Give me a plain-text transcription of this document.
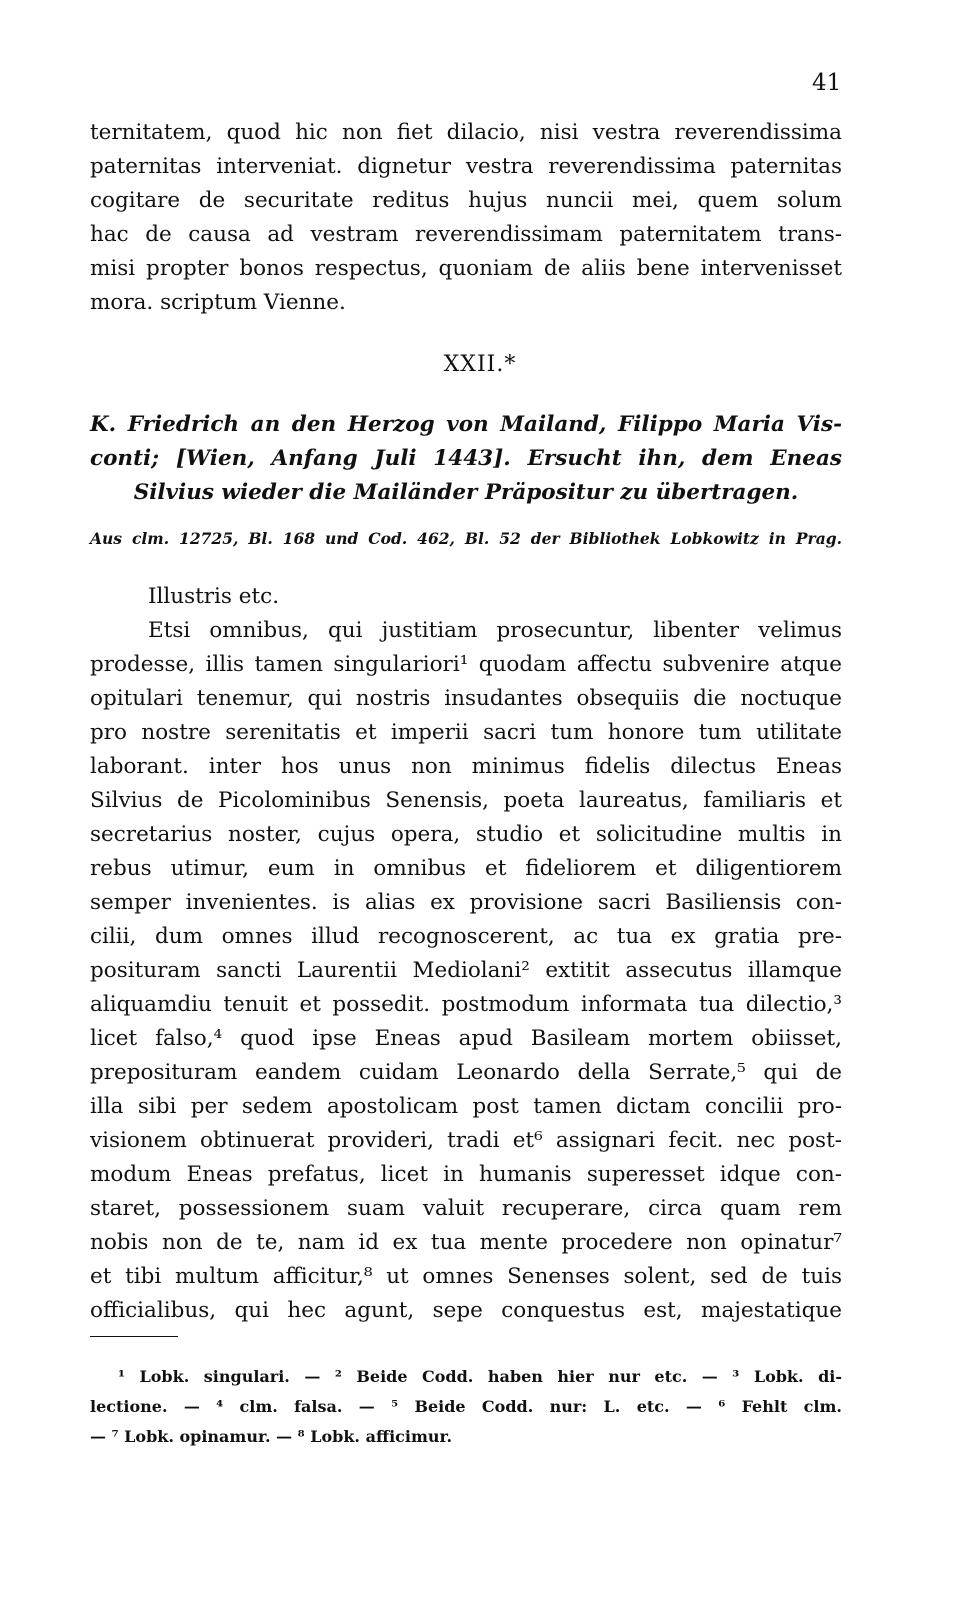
41
ternitatem, quod hic non fiet dilacio, nisi vestra reverendissima
paternitas interveniat. dignetur vestra reverendissima paternitas
cogitare de securitate reditus hujus nuncii mei, quem solum
hac de causa ad vestram reverendissimam paternitatem trans-
misi propter bonos respectus, quoniam de aliis bene intervenisset
mora. scriptum Vienne.
XXII.*
K. Friedrich an den Herzog von Mailand, Filippo Maria Vis-
conti; [Wien, Anfang Juli 1443]. Ersucht ihn, dem Eneas
Silvius wieder die Mailänder Präpositur zu übertragen.
Aus clm. 12725, Bl. 168 und Cod. 462, Bl. 52 der Bibliothek Lobkowitz in Prag.
Illustris etc.
Etsi omnibus, qui justitiam prosecuntur, libenter velimus
prodesse, illis tamen singulariori¹ quodam affectu subvenire atque
opitulari tenemur, qui nostris insudantes obsequiis die noctuque
pro nostre serenitatis et imperii sacri tum honore tum utilitate
laborant. inter hos unus non minimus fidelis dilectus Eneas
Silvius de Picolominibus Senensis, poeta laureatus, familiaris et
secretarius noster, cujus opera, studio et solicitudine multis in
rebus utimur, eum in omnibus et fideliorem et diligentiorem
semper invenientes. is alias ex provisione sacri Basiliensis con-
cilii, dum omnes illud recognoscerent, ac tua ex gratia pre-
posituram sancti Laurentii Mediolani² extitit assecutus illamque
aliquamdiu tenuit et possedit. postmodum informata tua dilectio,³
licet falso,⁴ quod ipse Eneas apud Basileam mortem obiisset,
preposituram eandem cuidam Leonardo della Serrate,⁵ qui de
illa sibi per sedem apostolicam post tamen dictam concilii pro-
visionem obtinuerat provideri, tradi et⁶ assignari fecit. nec post-
modum Eneas prefatus, licet in humanis superesset idque con-
staret, possessionem suam valuit recuperare, circa quam rem
nobis non de te, nam id ex tua mente procedere non opinatur⁷
et tibi multum afficitur,⁸ ut omnes Senenses solent, sed de tuis
officialibus, qui hec agunt, sepe conquestus est, majestatique
¹ Lobk. singulari. — ² Beide Codd. haben hier nur etc. — ³ Lobk. di-
lectione. — ⁴ clm. falsa. — ⁵ Beide Codd. nur: L. etc. — ⁶ Fehlt clm.
— ⁷ Lobk. opinamur. — ⁸ Lobk. afficimur.
